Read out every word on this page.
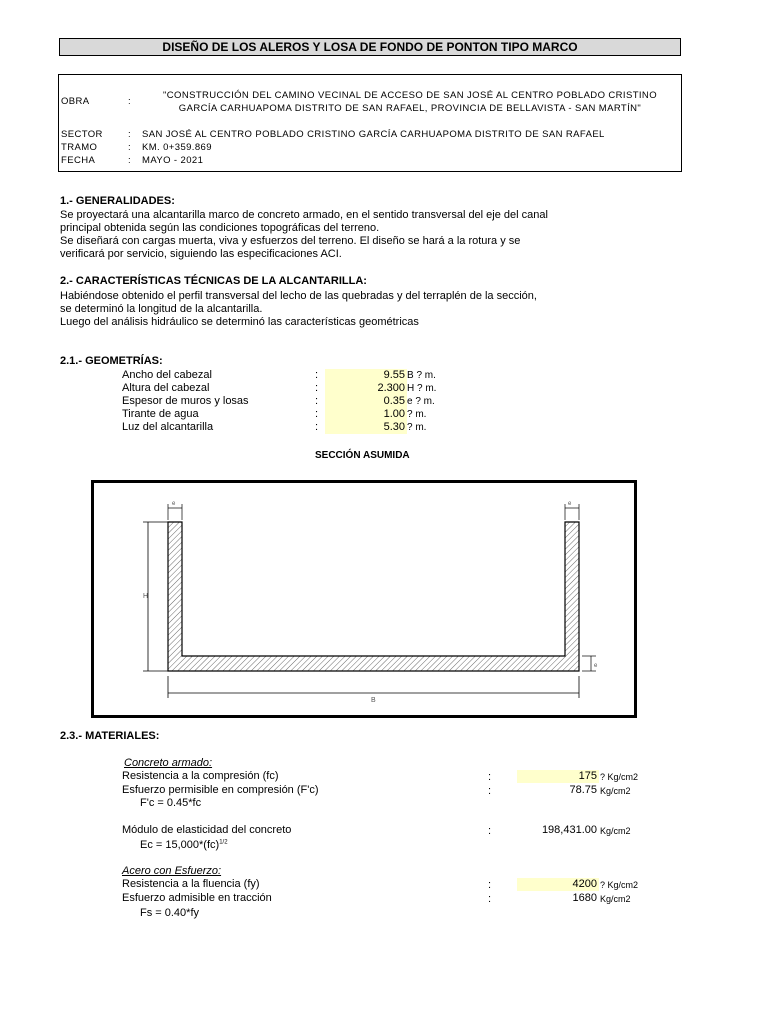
DISEÑO DE LOS ALEROS Y LOSA DE FONDO DE PONTON TIPO MARCO
OBRA	:
"CONSTRUCCIÓN DEL CAMINO VECINAL DE ACCESO DE SAN JOSÉ AL CENTRO POBLADO CRISTINO
GARCÍA CARHUAPOMA DISTRITO DE SAN RAFAEL, PROVINCIA DE BELLAVISTA - SAN MARTÍN"
SECTOR	: SAN JOSÉ AL CENTRO POBLADO CRISTINO GARCÍA CARHUAPOMA DISTRITO DE SAN RAFAEL
TRAMO	: KM. 0+359.869
FECHA	: MAYO - 2021
1.- GENERALIDADES:
Se proyectará una alcantarilla marco de concreto armado, en el sentido transversal del eje del canal
principal obtenida según las condiciones topográficas del terreno.
Se diseñará con cargas muerta, viva y esfuerzos del terreno. El diseño se hará a la rotura y se
verificará por servicio, siguiendo las especificaciones ACI.
2.- CARACTERÍSTICAS TÉCNICAS DE LA ALCANTARILLA:
Habiéndose obtenido el perfil transversal del lecho de las quebradas y del terraplén de la sección,
se determinó la longitud de la alcantarilla.
Luego del análisis hidráulico se determinó las características geométricas
2.1.- GEOMETRÍAS:
Ancho del cabezal	:	9.55 B ? m.
Altura del cabezal	:	2.300 H ? m.
Espesor de muros y losas	:	0.35 e ? m.
Tirante de agua	:	1.00 ? m.
Luz del alcantarilla	:	5.30 ? m.
SECCIÓN ASUMIDA
e	e
e
H
B
2.3.- MATERIALES:
Concreto armado:
Resistencia a la compresión (fc)	:	175 ? Kg/cm2
Esfuerzo permisible en compresión (F'c)	:	78.75 Kg/cm2
F'c = 0.45*fc
Módulo de elasticidad del concreto	:	198,431.00 Kg/cm2
Ec = 15,000*(fc)$^{1/2}$
Acero con Esfuerzo:
Resistencia a la fluencia (fy)	:	4200 ? Kg/cm2
Esfuerzo admisible en tracción	:	1680 Kg/cm2
Fs = 0.40*fy
